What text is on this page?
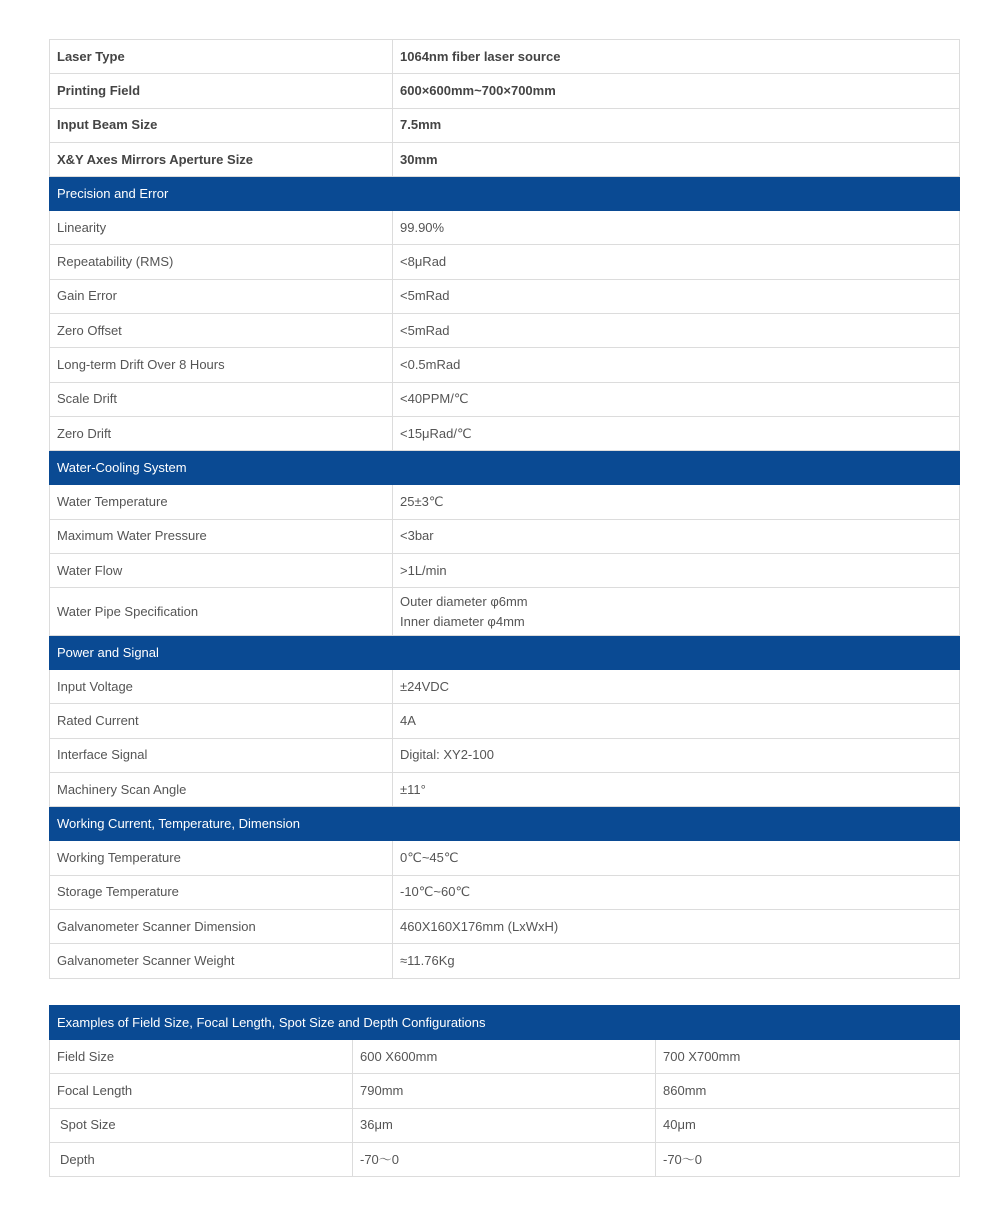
Laser Type	1064nm fiber laser source
Printing Field	600×600mm~700×700mm
Input Beam Size	7.5mm
X&Y Axes Mirrors Aperture Size	30mm
Precision and Error	
Linearity	99.90%
Repeatability (RMS)	<8μRad
Gain Error	<5mRad
Zero Offset	<5mRad
Long-term Drift Over 8 Hours	<0.5mRad
Scale Drift	<40PPM/℃
Zero Drift	<15μRad/℃
Water-Cooling System	
Water Temperature	25±3℃
Maximum Water Pressure	<3bar
Water Flow	>1L/min
Water Pipe Specification	Outer diameter φ6mm
Inner diameter φ4mm

Power and Signal	
Input Voltage	±24VDC
Rated Current	4A
Interface Signal	Digital: XY2-100
Machinery Scan Angle	±11°
Working Current, Temperature, Dimension	
Working Temperature	0℃~45℃
Storage Temperature	-10℃~60℃
Galvanometer Scanner Dimension	460X160X176mm (LxWxH)
Galvanometer Scanner Weight	≈11.76Kg
Examples of Field Size, Focal Length, Spot Size and Depth Configurations		
Field Size	600 X600mm	700 X700mm
Focal Length	790mm	860mm
Spot Size	36μm	40μm
Depth	-70～0	-70～0
